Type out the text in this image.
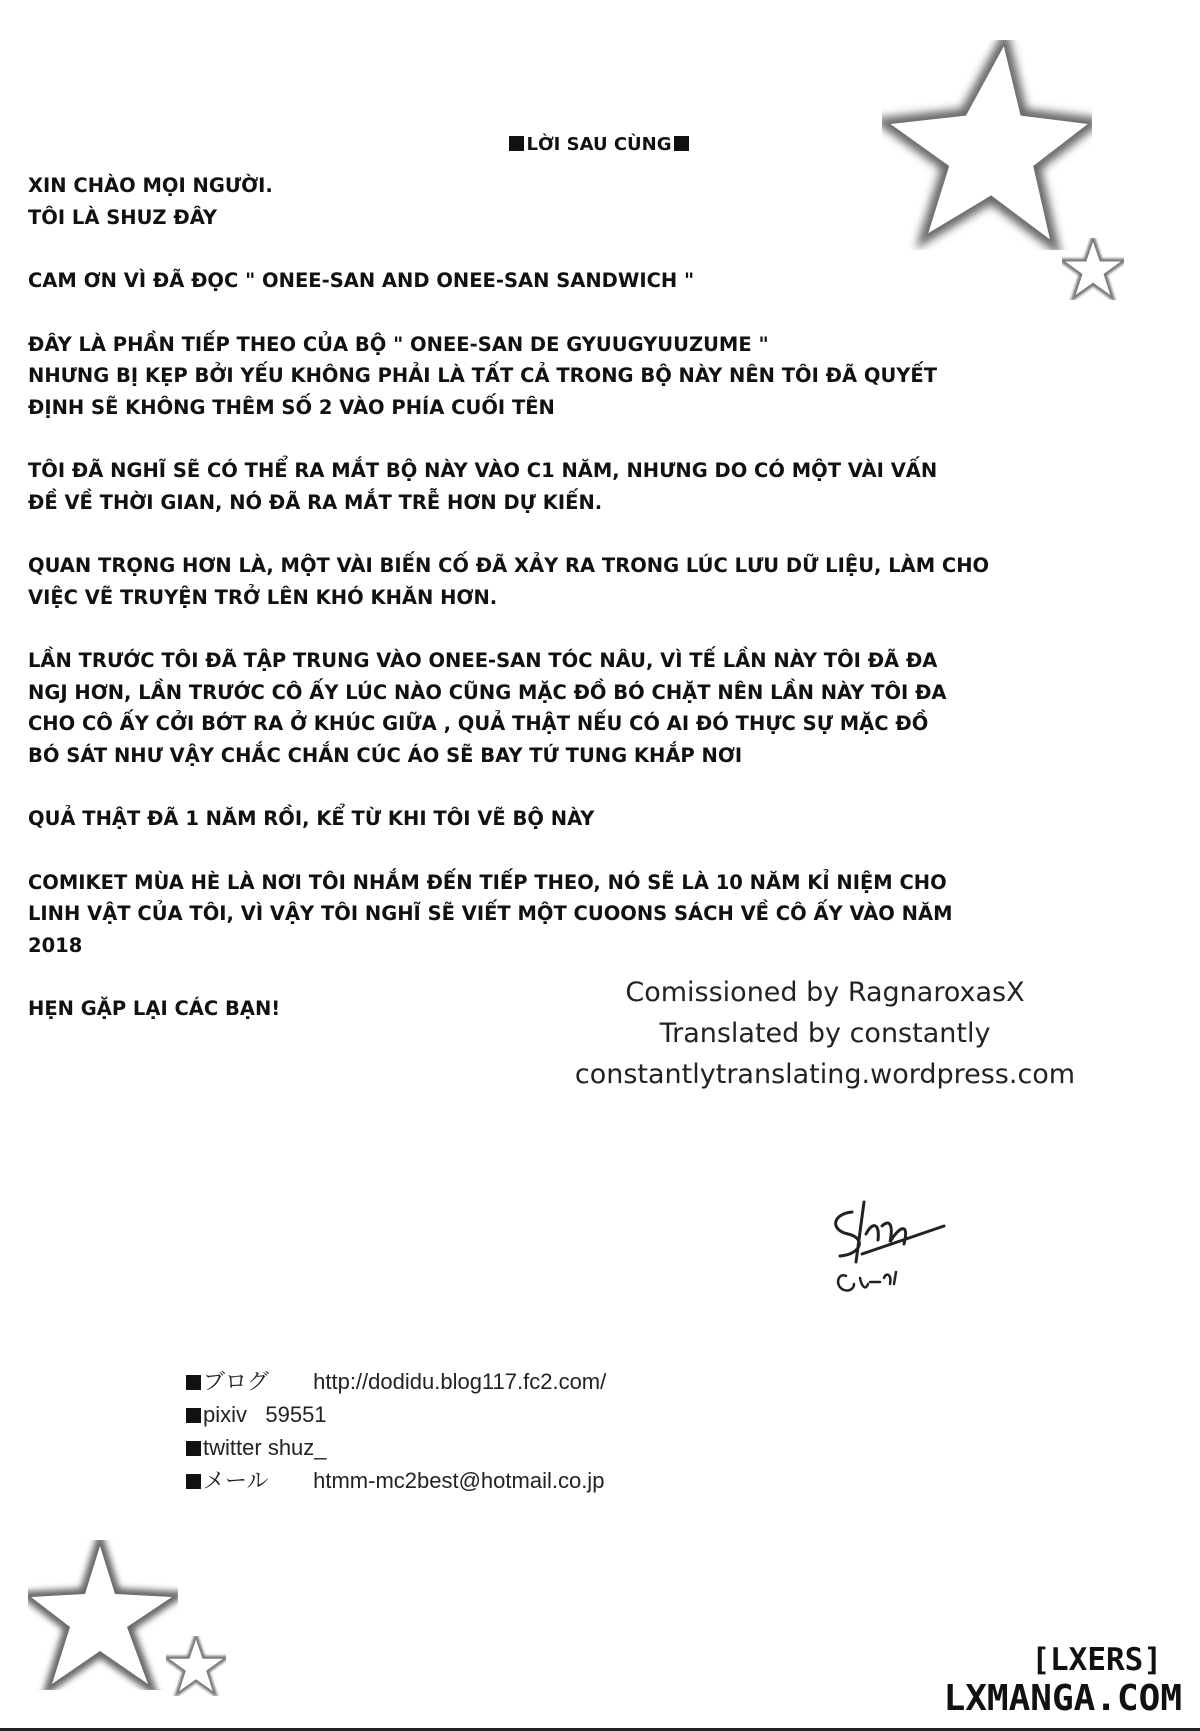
LỜI SAU CÙNG

XIN CHÀO MỌI NGƯỜI.
TÔI LÀ SHUZ ĐÂY

CAM ƠN VÌ ĐÃ ĐỌC " ONEE-SAN AND ONEE-SAN SANDWICH "

ĐÂY LÀ PHẦN TIẾP THEO CỦA BỘ " ONEE-SAN DE GYUUGYUUZUME "
NHƯNG BỊ KẸP BỞI YẾU KHÔNG PHẢI LÀ TẤT CẢ TRONG BỘ NÀY NÊN TÔI ĐÃ QUYẾT
ĐỊNH SẼ KHÔNG THÊM SỐ 2 VÀO PHÍA CUỐI TÊN

TÔI ĐÃ NGHĨ SẼ CÓ THỂ RA MẮT BỘ NÀY VÀO C1 NĂM, NHƯNG DO CÓ MỘT VÀI VẤN
ĐỀ VỀ THỜI GIAN, NÓ ĐÃ RA MẮT TRỄ HƠN DỰ KIẾN.

QUAN TRỌNG HƠN LÀ, MỘT VÀI BIẾN CỐ ĐÃ XẢY RA TRONG LÚC LƯU DỮ LIỆU, LÀM CHO
VIỆC VẼ TRUYỆN TRỞ LÊN KHÓ KHĂN HƠN.

LẦN TRƯỚC TÔI ĐÃ TẬP TRUNG VÀO ONEE-SAN TÓC NÂU, VÌ TẾ LẦN NÀY TÔI ĐÃ ĐA
NGJ HƠN, LẦN TRƯỚC CÔ ẤY LÚC NÀO CŨNG MẶC ĐỒ BÓ CHẶT NÊN LẦN NÀY TÔI ĐA
CHO CÔ ẤY CỞI BỚT RA Ở KHÚC GIỮA , QUẢ THẬT NẾU CÓ AI ĐÓ THỰC SỰ MẶC ĐỒ
BÓ SÁT NHƯ VẬY CHẮC CHẮN CÚC ÁO SẼ BAY TỨ TUNG KHẮP NƠI

QUẢ THẬT ĐÃ 1 NĂM RỒI, KỂ TỪ KHI TÔI VẼ BỘ NÀY

COMIKET MÙA HÈ LÀ NƠI TÔI NHẮM ĐẾN TIẾP THEO, NÓ SẼ LÀ 10 NĂM KỈ NIỆM CHO
LINH VẬT CỦA TÔI, VÌ VẬY TÔI NGHĨ SẼ VIẾT MỘT CUOONS SÁCH VỀ CÔ ẤY VÀO NĂM
2018

HẸN GẶP LẠI CÁC BẠN!

Comissioned by RagnaroxasX
Translated by constantly
constantlytranslating.wordpress.com
ブログ http://dodidu.blog117.fc2.com/
pixiv 59551
twitter shuz_
メール htmm-mc2best@hotmail.co.jp
[LXERS]
LXMANGA.COM
